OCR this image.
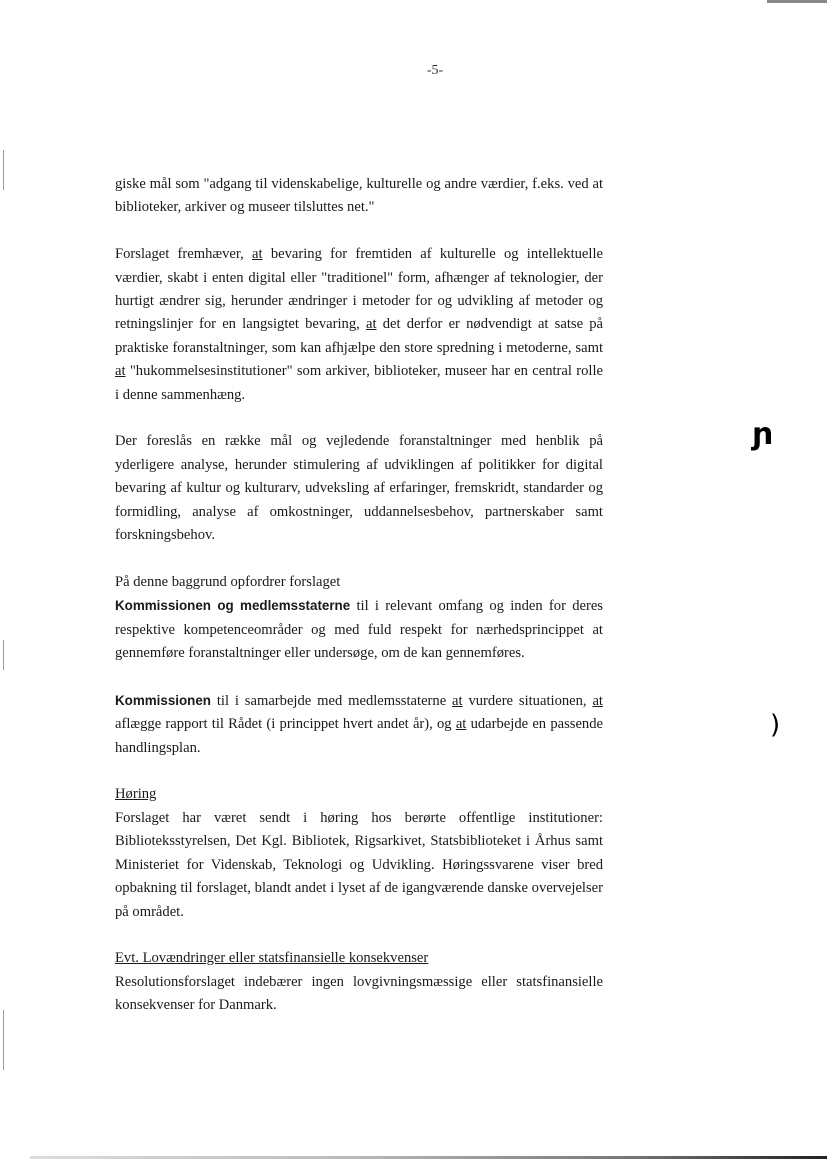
-5-

giske mål som "adgang til videnskabelige, kulturelle og andre værdier, f.eks. ved at biblioteker, arkiver og museer tilsluttes net."

Forslaget fremhæver, at bevaring for fremtiden af kulturelle og intellektuelle værdier, skabt i enten digital eller "traditionel" form, afhænger af teknologier, der hurtigt ændrer sig, herunder ændringer i metoder for og udvikling af metoder og retningslinjer for en langsigtet bevaring, at det derfor er nødvendigt at satse på praktiske foranstaltninger, som kan afhjælpe den store spredning i metoderne, samt at "hukommelsesinstitutioner" som arkiver, biblioteker, museer har en central rolle i denne sammenhæng.

Der foreslås en række mål og vejledende foranstaltninger med henblik på yderligere analyse, herunder stimulering af udviklingen af politikker for digital bevaring af kultur og kulturarv, udveksling af erfaringer, fremskridt, standarder og formidling, analyse af omkostninger, uddannelsesbehov, partnerskaber samt forskningsbehov.

På denne baggrund opfordrer forslaget

Kommissionen og medlemsstaterne til i relevant omfang og inden for deres respektive kompetenceområder og med fuld respekt for nærhedsprincippet at gennemføre foranstaltninger eller undersøge, om de kan gennemføres.

Kommissionen til i samarbejde med medlemsstaterne at vurdere situationen, at aflægge rapport til Rådet (i princippet hvert andet år), og at udarbejde en passende handlingsplan.

Høring

Forslaget har været sendt i høring hos berørte offentlige institutioner: Biblioteksstyrelsen, Det Kgl. Bibliotek, Rigsarkivet, Statsbiblioteket i Århus samt Ministeriet for Videnskab, Teknologi og Udvikling. Høringssvarene viser bred opbakning til forslaget, blandt andet i lyset af de igangværende danske overvejelser på området.

Evt. Lovændringer eller statsfinansielle konsekvenser

Resolutionsforslaget indebærer ingen lovgivningsmæssige eller statsfinansielle konsekvenser for Danmark.

ɲ
)
